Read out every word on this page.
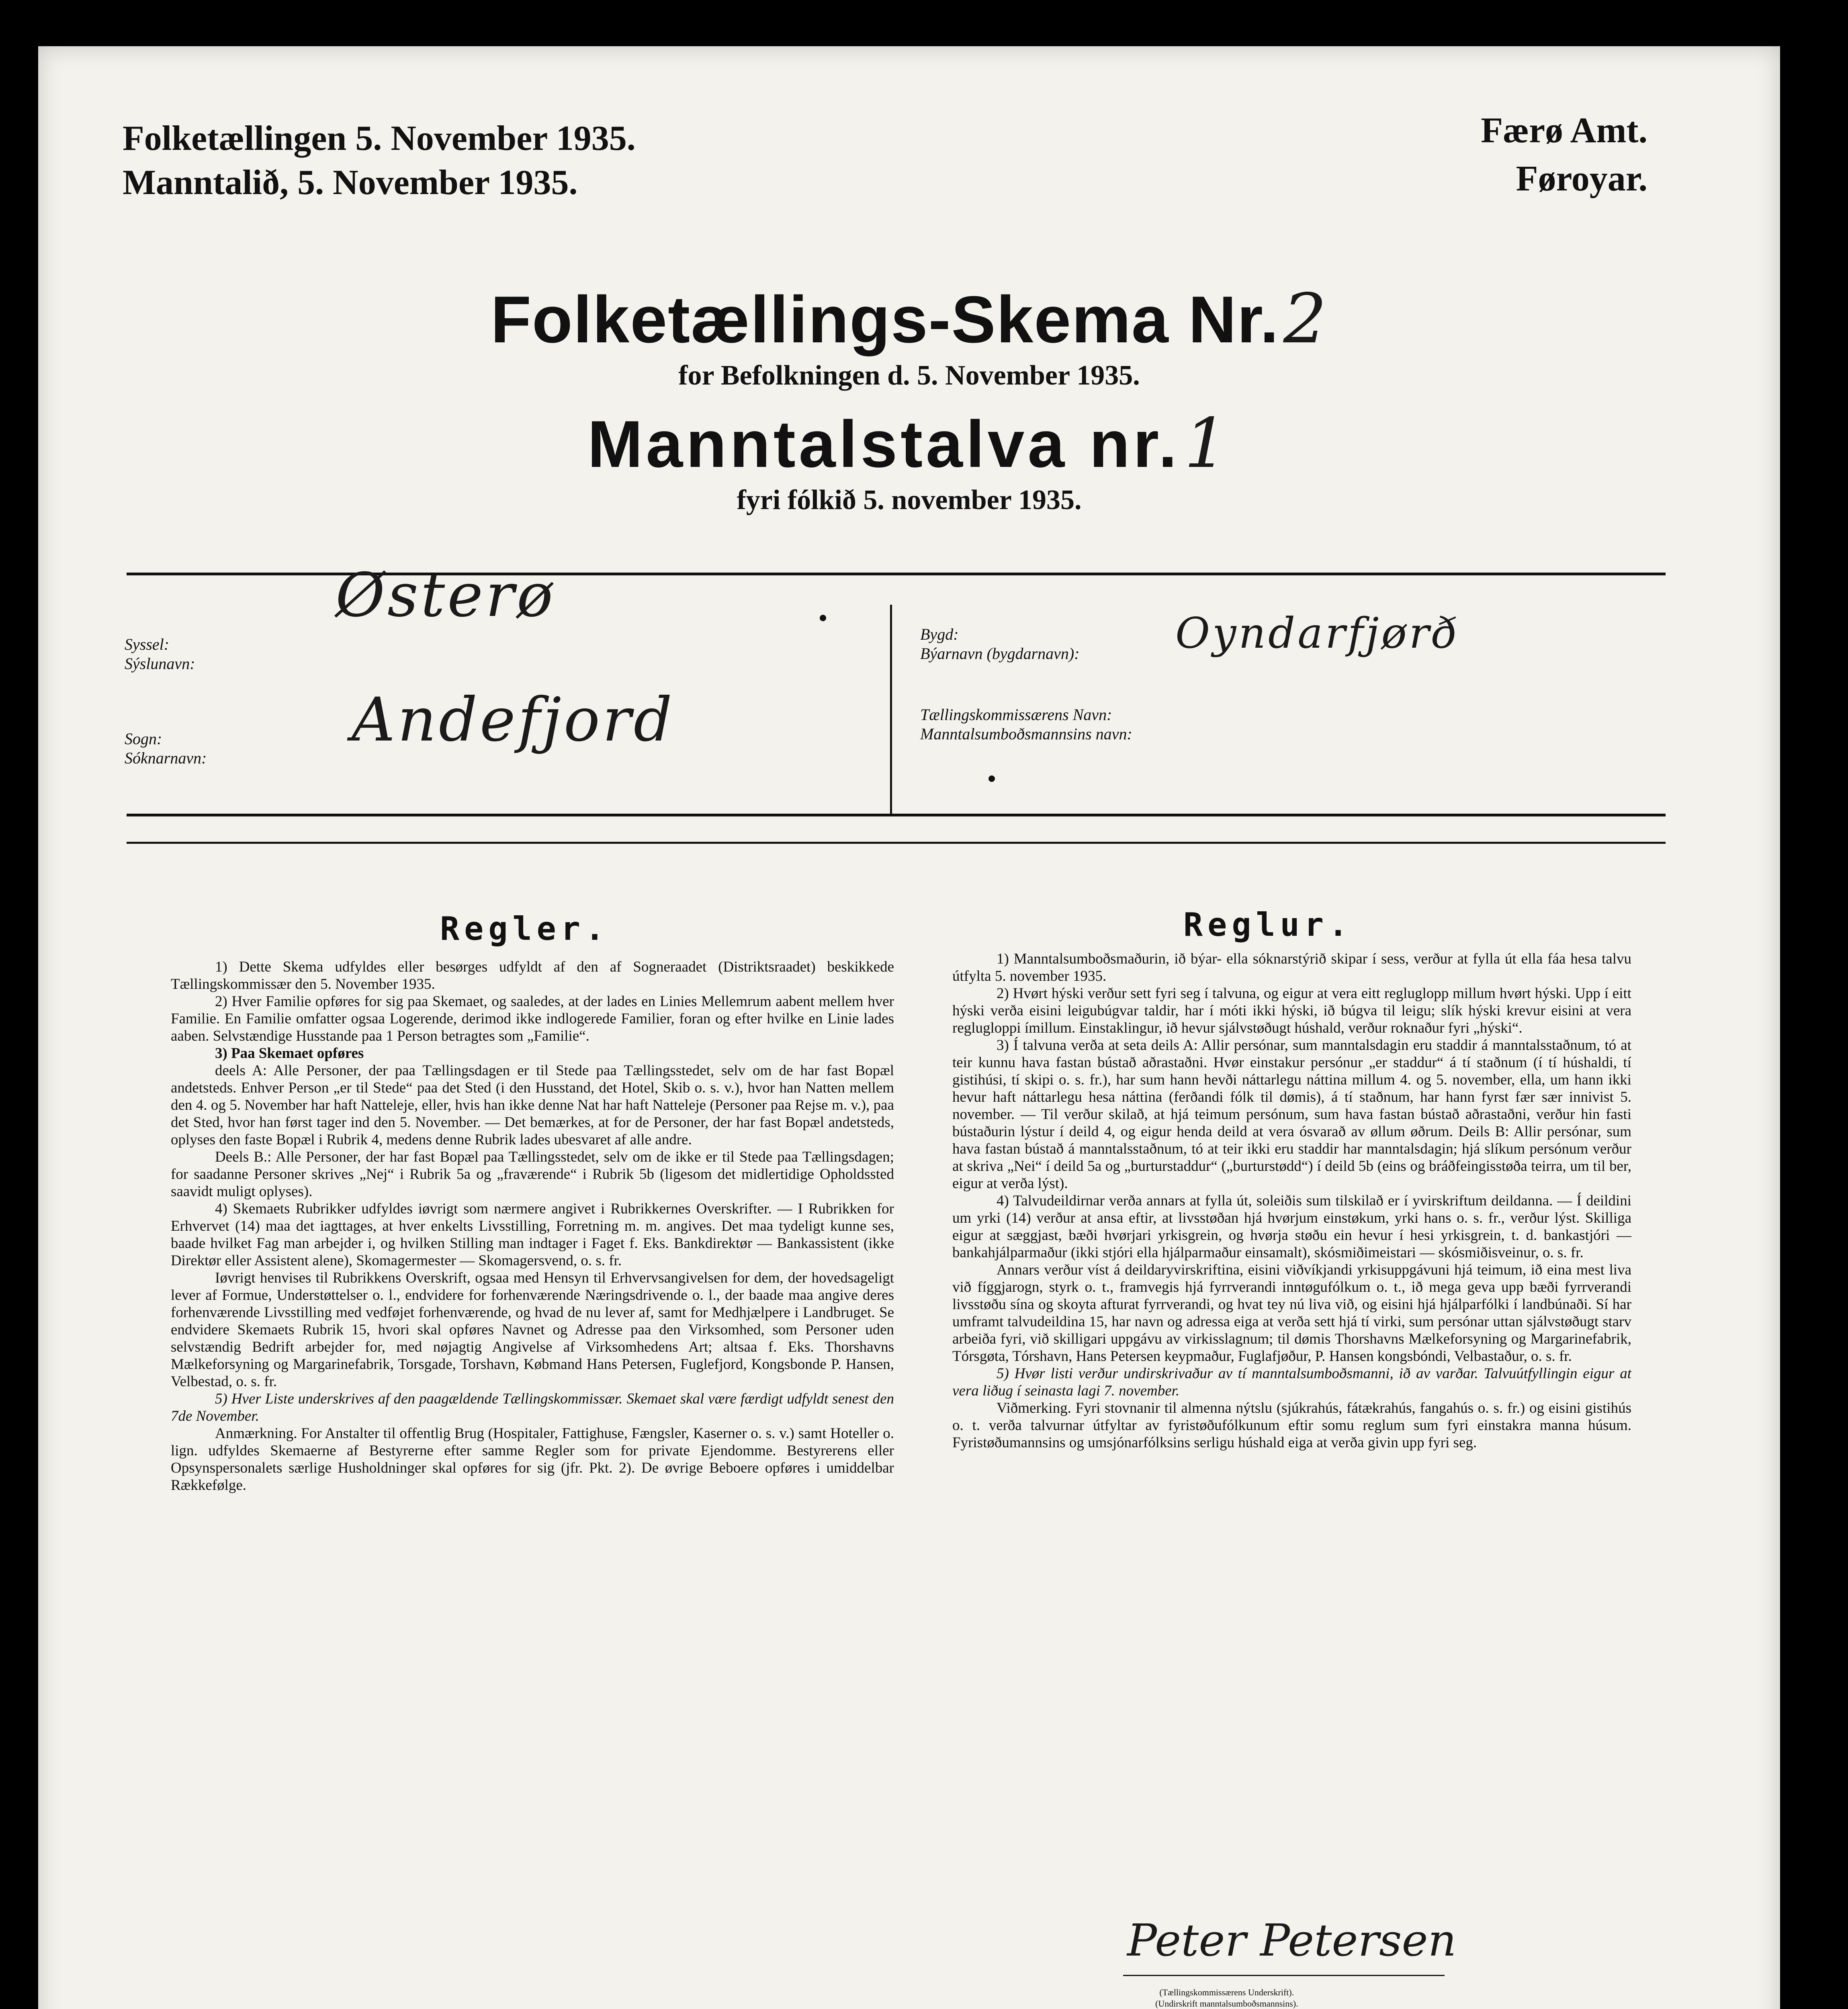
Folketællingen 5. November 1935.
Manntalið, 5. November 1935.
Færø Amt.
Føroyar.
Folketællings-Skema Nr.2
for Befolkningen d. 5. November 1935.
Manntalstalva nr.1
fyri fólkið 5. november 1935.
Syssel:
Sýslunavn:
Østerø
Sogn:
Sóknarnavn:
Andefjord
Bygd:
Býarnavn (bygdarnavn): Oyndarfjørð
Tællingskommissærens Navn:
Manntalsumboðsmannsins navn:
Regler.

1) Dette Skema udfyldes eller besørges udfyldt af den af Sogneraadet (Distriktsraadet) beskikkede Tællingskommissær den 5. November 1935.

2) Hver Familie opføres for sig paa Skemaet, og saaledes, at der lades en Linies Mellemrum aabent mellem hver Familie. En Familie omfatter ogsaa Logerende, derimod ikke indlogerede Familier, foran og efter hvilke en Linie lades aaben. Selvstændige Husstande paa 1 Person betragtes som „Familie“.

3) Paa Skemaet opføres

deels A: Alle Personer, der paa Tællingsdagen er til Stede paa Tællingsstedet, selv om de har fast Bopæl andetsteds. Enhver Person „er til Stede“ paa det Sted (i den Husstand, det Hotel, Skib o. s. v.), hvor han Natten mellem den 4. og 5. November har haft Natteleje, eller, hvis han ikke denne Nat har haft Natteleje (Personer paa Rejse m. v.), paa det Sted, hvor han først tager ind den 5. November. — Det bemærkes, at for de Personer, der har fast Bopæl andetsteds, oplyses den faste Bopæl i Rubrik 4, medens denne Rubrik lades ubesvaret af alle andre.

Deels B.: Alle Personer, der har fast Bopæl paa Tællingsstedet, selv om de ikke er til Stede paa Tællingsdagen; for saadanne Personer skrives „Nej“ i Rubrik 5a og „fraværende“ i Rubrik 5b (ligesom det midlertidige Opholdssted saavidt muligt oplyses).

4) Skemaets Rubrikker udfyldes iøvrigt som nærmere angivet i Rubrikkernes Overskrifter. — I Rubrikken for Erhvervet (14) maa det iagttages, at hver enkelts Livsstilling, Forretning m. m. angives. Det maa tydeligt kunne ses, baade hvilket Fag man arbejder i, og hvilken Stilling man indtager i Faget f. Eks. Bankdirektør — Bankassistent (ikke Direktør eller Assistent alene), Skomagermester — Skomagersvend, o. s. fr.

Iøvrigt henvises til Rubrikkens Overskrift, ogsaa med Hensyn til Erhvervsangivelsen for dem, der hovedsageligt lever af Formue, Understøttelser o. l., endvidere for forhenværende Næringsdrivende o. l., der baade maa angive deres forhenværende Livsstilling med vedføjet forhenværende, og hvad de nu lever af, samt for Medhjælpere i Landbruget. Se endvidere Skemaets Rubrik 15, hvori skal opføres Navnet og Adresse paa den Virksomhed, som Personer uden selvstændig Bedrift arbejder for, med nøjagtig Angivelse af Virksomhedens Art; altsaa f. Eks. Thorshavns Mælkeforsyning og Margarinefabrik, Torsgade, Torshavn, Købmand Hans Petersen, Fuglefjord, Kongsbonde P. Hansen, Velbestad, o. s. fr.

5) Hver Liste underskrives af den paagældende Tællingskommissær. Skemaet skal være færdigt udfyldt senest den 7de November.

Anmærkning. For Anstalter til offentlig Brug (Hospitaler, Fattighuse, Fængsler, Kaserner o. s. v.) samt Hoteller o. lign. udfyldes Skemaerne af Bestyrerne efter samme Regler som for private Ejendomme. Bestyrerens eller Opsynspersonalets særlige Husholdninger skal opføres for sig (jfr. Pkt. 2). De øvrige Beboere opføres i umiddelbar Rækkefølge.

Reglur.

1) Manntalsumboðsmaðurin, ið býar- ella sóknarstýrið skipar í sess, verður at fylla út ella fáa hesa talvu útfylta 5. november 1935.

2) Hvørt hýski verður sett fyri seg í talvuna, og eigur at vera eitt regluglopp millum hvørt hýski. Upp í eitt hýski verða eisini leigubúgvar taldir, har í móti ikki hýski, ið búgva til leigu; slík hýski krevur eisini at vera reglugloppi ímillum. Einstaklingur, ið hevur sjálvstøðugt húshald, verður roknaður fyri „hýski“.

3) Í talvuna verða at seta deils A: Allir persónar, sum manntalsdagin eru staddir á manntalsstaðnum, tó at teir kunnu hava fastan bústað aðrastaðni. Hvør einstakur persónur „er staddur“ á tí staðnum (í tí húshaldi, tí gistihúsi, tí skipi o. s. fr.), har sum hann hevði náttarlegu náttina millum 4. og 5. november, ella, um hann ikki hevur haft náttarlegu hesa náttina (ferðandi fólk til dømis), á tí staðnum, har hann fyrst fær sær innivist 5. november. — Til verður skilað, at hjá teimum persónum, sum hava fastan bústað aðrastaðni, verður hin fasti bústaðurin lýstur í deild 4, og eigur henda deild at vera ósvarað av øllum øðrum. Deils B: Allir persónar, sum hava fastan bústað á manntalsstaðnum, tó at teir ikki eru staddir har manntalsdagin; hjá slíkum persónum verður at skriva „Nei“ í deild 5a og „burturstaddur“ („burturstødd“) í deild 5b (eins og bráðfeingisstøða teirra, um til ber, eigur at verða lýst).

4) Talvudeildirnar verða annars at fylla út, soleiðis sum tilskilað er í yvirskriftum deildanna. — Í deildini um yrki (14) verður at ansa eftir, at livsstøðan hjá hvørjum einstøkum, yrki hans o. s. fr., verður lýst. Skilliga eigur at sæggjast, bæði hvørjari yrkisgrein, og hvørja støðu ein hevur í hesi yrkisgrein, t. d. bankastjóri — bankahjálparmaður (ikki stjóri ella hjálparmaður einsamalt), skósmiðimeistari — skósmiðisveinur, o. s. fr.

Annars verður víst á deildaryvirskriftina, eisini viðvíkjandi yrkisuppgávuni hjá teimum, ið eina mest liva við fíggjarogn, styrk o. t., framvegis hjá fyrrverandi inntøgufólkum o. t., ið mega geva upp bæði fyrrverandi livsstøðu sína og skoyta afturat fyrrverandi, og hvat tey nú liva við, og eisini hjá hjálparfólki í landbúnaði. Sí har umframt talvudeildina 15, har navn og adressa eiga at verða sett hjá tí virki, sum persónar uttan sjálvstøðugt starv arbeiða fyri, við skilligari uppgávu av virkisslagnum; til dømis Thorshavns Mælkeforsyning og Margarinefabrik, Tórsgøta, Tórshavn, Hans Petersen keypmaður, Fuglafjøður, P. Hansen kongsbóndi, Velbastaður, o. s. fr.

5) Hvør listi verður undirskrivaður av tí manntalsumboðsmanni, ið av varðar. Talvuútfyllingin eigur at vera liðug í seinasta lagi 7. november.

Viðmerking. Fyri stovnanir til almenna nýtslu (sjúkrahús, fátækrahús, fangahús o. s. fr.) og eisini gistihús o. t. verða talvurnar útfyltar av fyristøðufólkunum eftir somu reglum sum fyri einstakra manna húsum. Fyristøðumannsins og umsjónarfólksins serligu húshald eiga at verða givin upp fyri seg.

Peter Petersen
(Tællingskommissærens Underskrift).
(Undirskrift manntalsumboðsmannsins).
